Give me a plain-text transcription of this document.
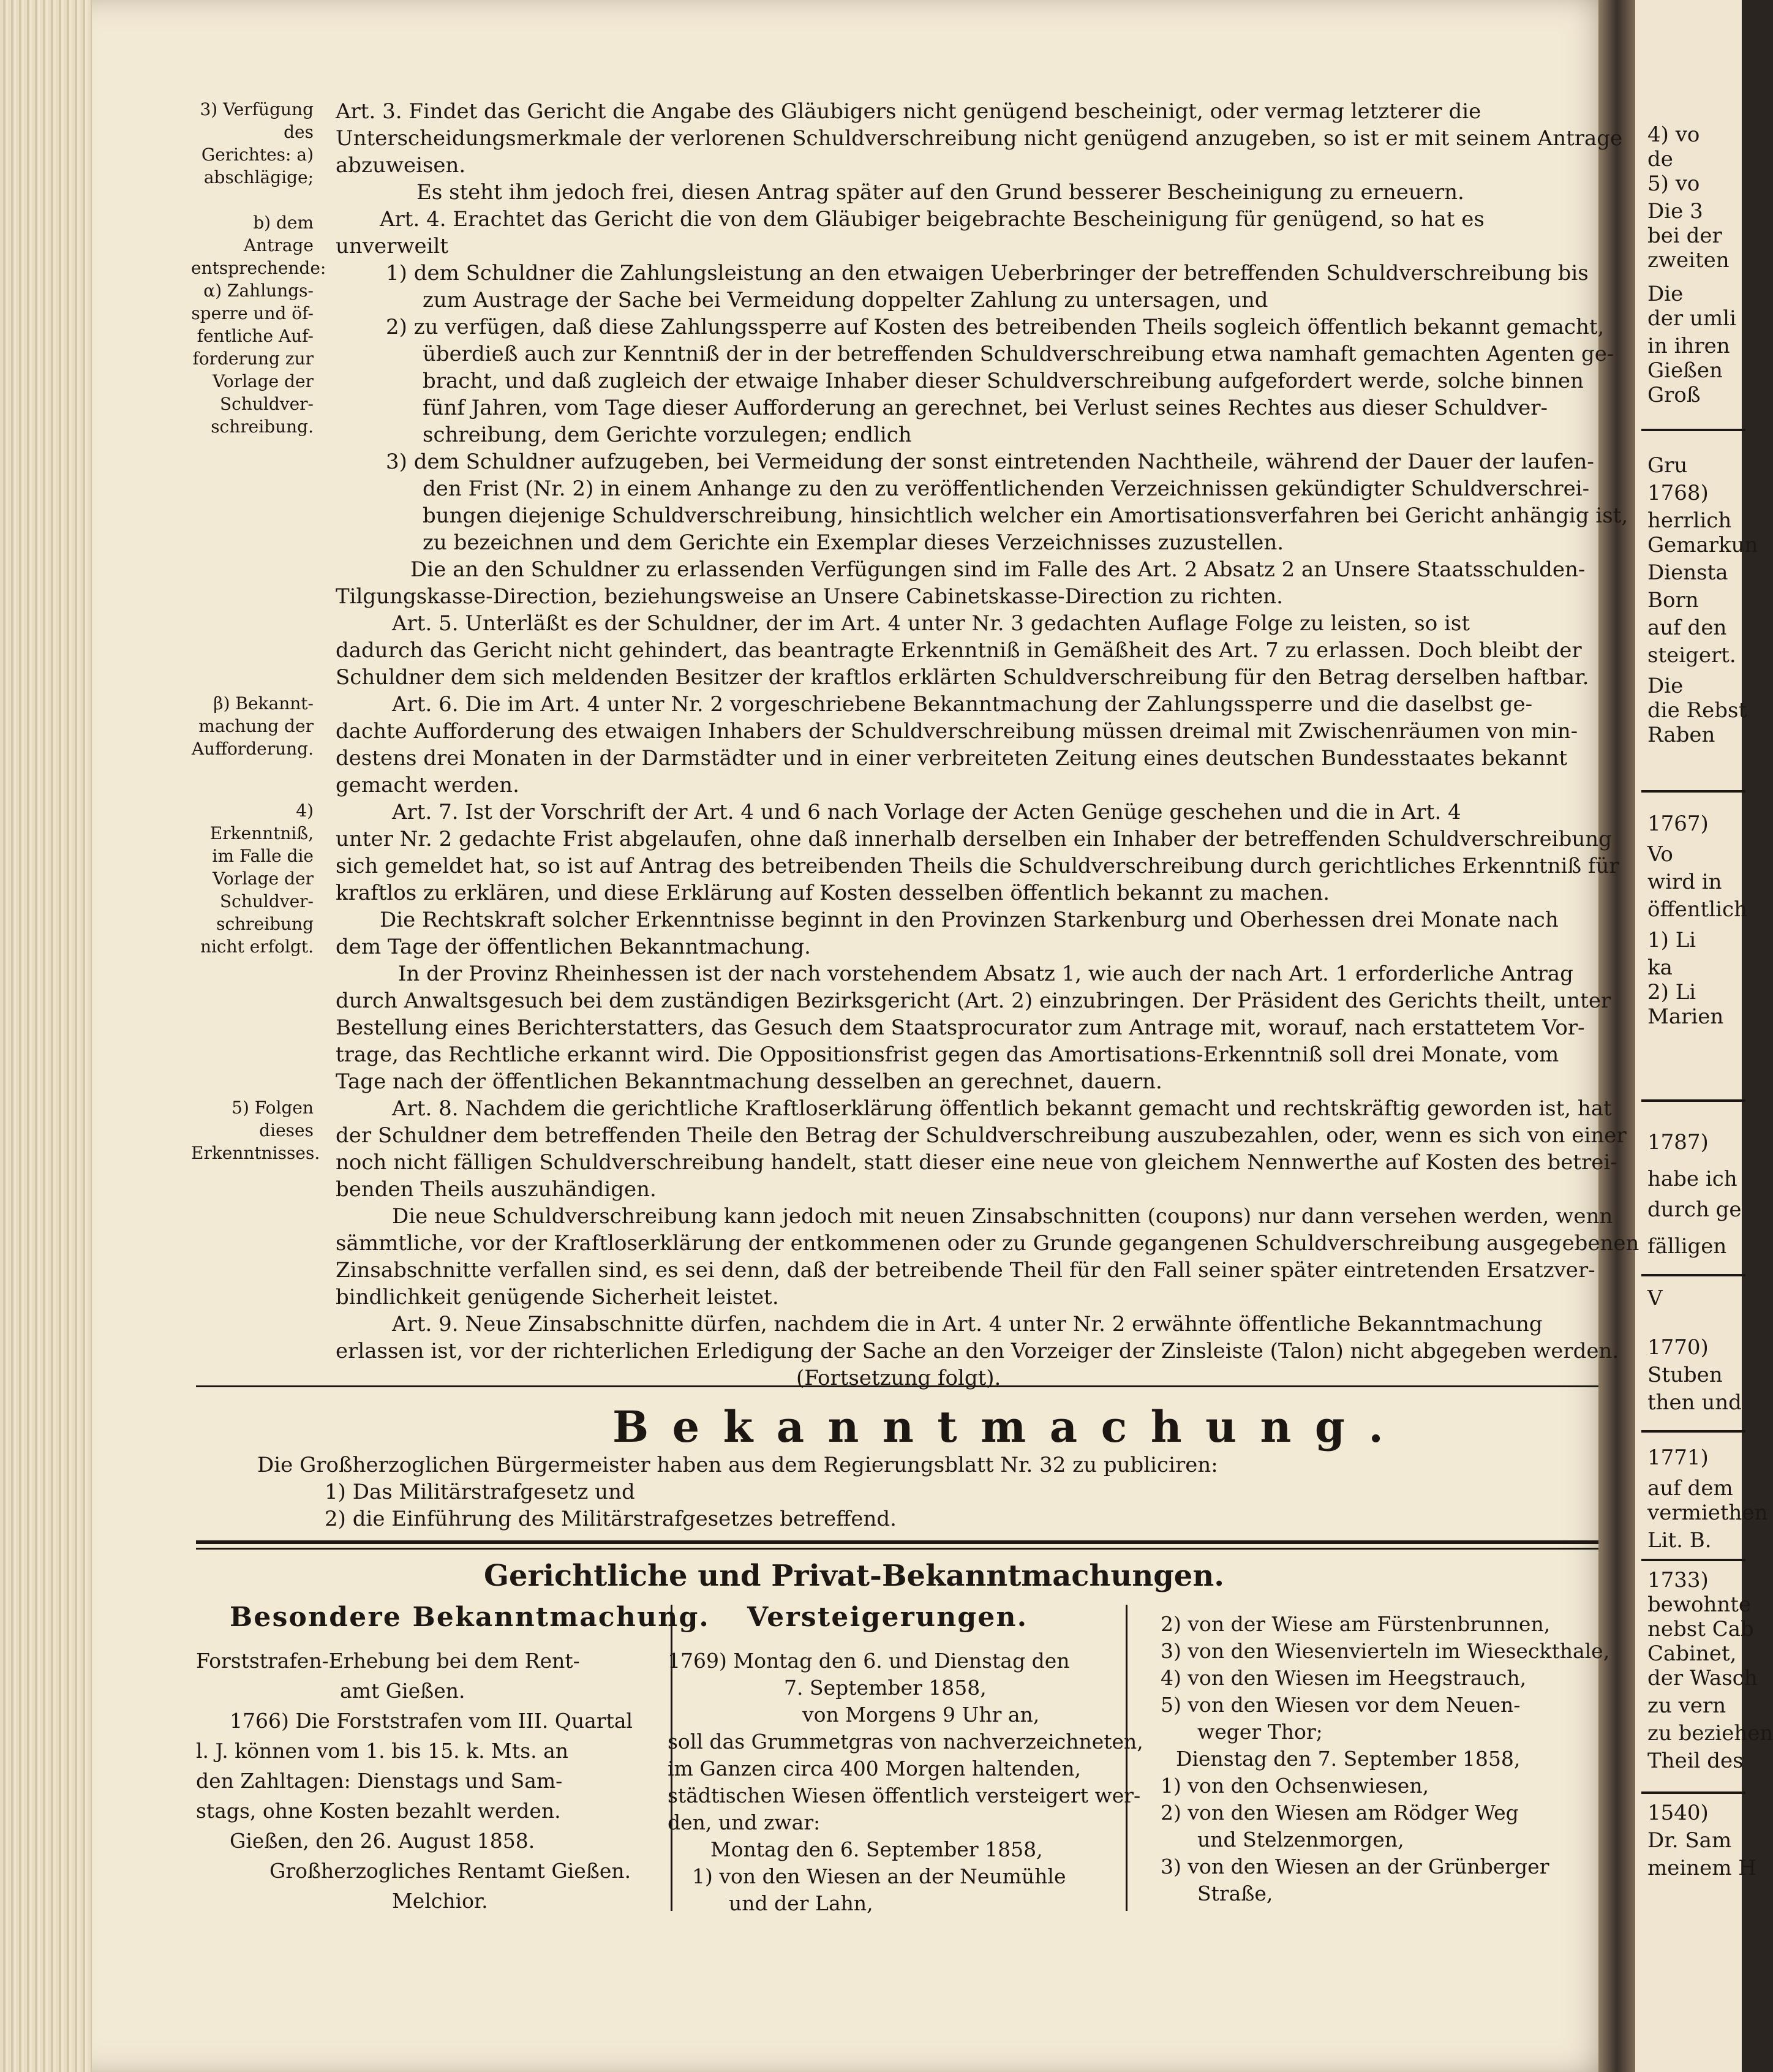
4) vo
de
5) vo
Die 3
bei der
zweiten
Die
der umli
in ihren
Gießen
Groß
Gru
1768)
herrlich
Gemarkun
Diensta
Born
auf den
steigert.
Die
die Rebst
Raben
1767)
Vo
wird in
öffentlich
1) Li
ka
2) Li
Marien
1787)
habe ich
durch ge
fälligen
V
1770)
Stuben
then und
1771)
auf dem
vermiethen
Lit. B.
1733)
bewohnte
nebst Cab
Cabinet,
der Wasch
zu vern
zu beziehen
Theil des
1540)
Dr. Sam
meinem H
3) Verfügung des Gerichtes: a) abschlägige;
b) dem Antrage entsprechende: α) Zahlungs-sperre und öf-fentliche Auf-forderung zur Vorlage der Schuldver-schreibung.
β) Bekannt-machung der Aufforderung.
4) Erkenntniß, im Falle die Vorlage der Schuldver-schreibung nicht erfolgt.
5) Folgen dieses Erkenntnisses.
Art. 3. Findet das Gericht die Angabe des Gläubigers nicht genügend bescheinigt, oder vermag letzterer die
Unterscheidungsmerkmale der verlorenen Schuldverschreibung nicht genügend anzugeben, so ist er mit seinem Antrage
abzuweisen.
Es steht ihm jedoch frei, diesen Antrag später auf den Grund besserer Bescheinigung zu erneuern.
Art. 4. Erachtet das Gericht die von dem Gläubiger beigebrachte Bescheinigung für genügend, so hat es
unverweilt
1) dem Schuldner die Zahlungsleistung an den etwaigen Ueberbringer der betreffenden Schuldverschreibung bis
zum Austrage der Sache bei Vermeidung doppelter Zahlung zu untersagen, und
2) zu verfügen, daß diese Zahlungssperre auf Kosten des betreibenden Theils sogleich öffentlich bekannt gemacht,
überdieß auch zur Kenntniß der in der betreffenden Schuldverschreibung etwa namhaft gemachten Agenten ge-
bracht, und daß zugleich der etwaige Inhaber dieser Schuldverschreibung aufgefordert werde, solche binnen
fünf Jahren, vom Tage dieser Aufforderung an gerechnet, bei Verlust seines Rechtes aus dieser Schuldver-
schreibung, dem Gerichte vorzulegen; endlich
3) dem Schuldner aufzugeben, bei Vermeidung der sonst eintretenden Nachtheile, während der Dauer der laufen-
den Frist (Nr. 2) in einem Anhange zu den zu veröffentlichenden Verzeichnissen gekündigter Schuldverschrei-
bungen diejenige Schuldverschreibung, hinsichtlich welcher ein Amortisationsverfahren bei Gericht anhängig ist,
zu bezeichnen und dem Gerichte ein Exemplar dieses Verzeichnisses zuzustellen.
Die an den Schuldner zu erlassenden Verfügungen sind im Falle des Art. 2 Absatz 2 an Unsere Staatsschulden-
Tilgungskasse-Direction, beziehungsweise an Unsere Cabinetskasse-Direction zu richten.
Art. 5. Unterläßt es der Schuldner, der im Art. 4 unter Nr. 3 gedachten Auflage Folge zu leisten, so ist
dadurch das Gericht nicht gehindert, das beantragte Erkenntniß in Gemäßheit des Art. 7 zu erlassen. Doch bleibt der
Schuldner dem sich meldenden Besitzer der kraftlos erklärten Schuldverschreibung für den Betrag derselben haftbar.
Art. 6. Die im Art. 4 unter Nr. 2 vorgeschriebene Bekanntmachung der Zahlungssperre und die daselbst ge-
dachte Aufforderung des etwaigen Inhabers der Schuldverschreibung müssen dreimal mit Zwischenräumen von min-
destens drei Monaten in der Darmstädter und in einer verbreiteten Zeitung eines deutschen Bundesstaates bekannt
gemacht werden.
Art. 7. Ist der Vorschrift der Art. 4 und 6 nach Vorlage der Acten Genüge geschehen und die in Art. 4
unter Nr. 2 gedachte Frist abgelaufen, ohne daß innerhalb derselben ein Inhaber der betreffenden Schuldverschreibung
sich gemeldet hat, so ist auf Antrag des betreibenden Theils die Schuldverschreibung durch gerichtliches Erkenntniß für
kraftlos zu erklären, und diese Erklärung auf Kosten desselben öffentlich bekannt zu machen.
Die Rechtskraft solcher Erkenntnisse beginnt in den Provinzen Starkenburg und Oberhessen drei Monate nach
dem Tage der öffentlichen Bekanntmachung.
In der Provinz Rheinhessen ist der nach vorstehendem Absatz 1, wie auch der nach Art. 1 erforderliche Antrag
durch Anwaltsgesuch bei dem zuständigen Bezirksgericht (Art. 2) einzubringen. Der Präsident des Gerichts theilt, unter
Bestellung eines Berichterstatters, das Gesuch dem Staatsprocurator zum Antrage mit, worauf, nach erstattetem Vor-
trage, das Rechtliche erkannt wird. Die Oppositionsfrist gegen das Amortisations-Erkenntniß soll drei Monate, vom
Tage nach der öffentlichen Bekanntmachung desselben an gerechnet, dauern.
Art. 8. Nachdem die gerichtliche Kraftloserklärung öffentlich bekannt gemacht und rechtskräftig geworden ist, hat
der Schuldner dem betreffenden Theile den Betrag der Schuldverschreibung auszubezahlen, oder, wenn es sich von einer
noch nicht fälligen Schuldverschreibung handelt, statt dieser eine neue von gleichem Nennwerthe auf Kosten des betrei-
benden Theils auszuhändigen.
Die neue Schuldverschreibung kann jedoch mit neuen Zinsabschnitten (coupons) nur dann versehen werden, wenn
sämmtliche, vor der Kraftloserklärung der entkommenen oder zu Grunde gegangenen Schuldverschreibung ausgegebenen
Zinsabschnitte verfallen sind, es sei denn, daß der betreibende Theil für den Fall seiner später eintretenden Ersatzver-
bindlichkeit genügende Sicherheit leistet.
Art. 9. Neue Zinsabschnitte dürfen, nachdem die in Art. 4 unter Nr. 2 erwähnte öffentliche Bekanntmachung
erlassen ist, vor der richterlichen Erledigung der Sache an den Vorzeiger der Zinsleiste (Talon) nicht abgegeben werden.
(Fortsetzung folgt).
Bekanntmachung.
Die Großherzoglichen Bürgermeister haben aus dem Regierungsblatt Nr. 32 zu publiciren:
1) Das Militärstrafgesetz und
2) die Einführung des Militärstrafgesetzes betreffend.
Gerichtliche und Privat-Bekanntmachungen.
Besondere Bekanntmachung. Versteigerungen.
Forststrafen-Erhebung bei dem Rent-
amt Gießen.
1766) Die Forststrafen vom III. Quartal
l. J. können vom 1. bis 15. k. Mts. an
den Zahltagen: Dienstags und Sam-
stags, ohne Kosten bezahlt werden.
Gießen, den 26. August 1858.
Großherzogliches Rentamt Gießen.
Melchior.
1769) Montag den 6. und Dienstag den
7. September 1858,
von Morgens 9 Uhr an,
soll das Grummetgras von nachverzeichneten,
im Ganzen circa 400 Morgen haltenden,
städtischen Wiesen öffentlich versteigert wer-
den, und zwar:
Montag den 6. September 1858,
1) von den Wiesen an der Neumühle
und der Lahn,
2) von der Wiese am Fürstenbrunnen,
3) von den Wiesenvierteln im Wieseckthale,
4) von den Wiesen im Heegstrauch,
5) von den Wiesen vor dem Neuen-
weger Thor;
Dienstag den 7. September 1858,
1) von den Ochsenwiesen,
2) von den Wiesen am Rödger Weg
und Stelzenmorgen,
3) von den Wiesen an der Grünberger
Straße,
